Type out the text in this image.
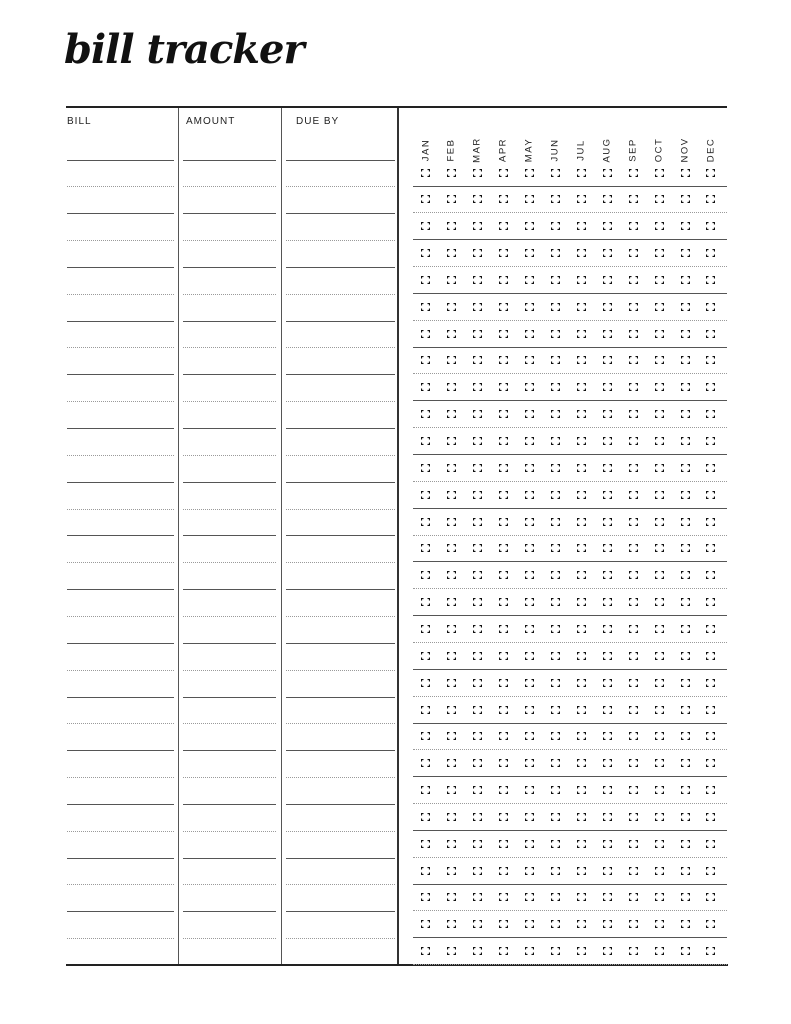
bill tracker
BILL	AMOUNT	DUE BY
JAN FEB MAR APR MAY JUN JUL AUG SEP OCT NOV DEC
